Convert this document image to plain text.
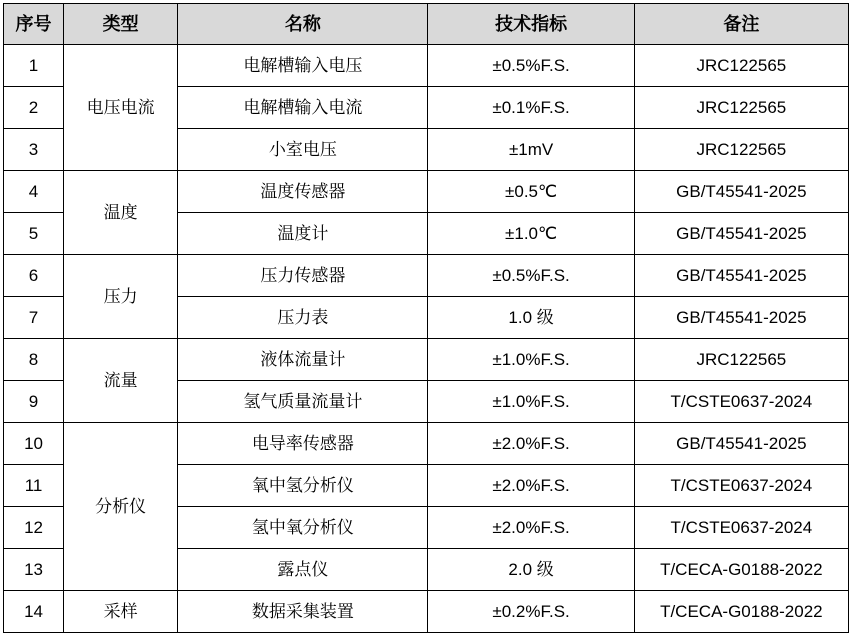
序号	类型	名称	技术指标	备注
1	电压电流	电解槽输入电压	±0.5%F.S.	JRC122565
2		电解槽输入电流	±0.1%F.S.	JRC122565
3		小室电压	±1mV	JRC122565
4	温度	温度传感器	±0.5℃	GB/T45541-2025
5		温度计	±1.0℃	GB/T45541-2025
6	压力	压力传感器	±0.5%F.S.	GB/T45541-2025
7		压力表	1.0 级	GB/T45541-2025
8	流量	液体流量计	±1.0%F.S.	JRC122565
9		氢气质量流量计	±1.0%F.S.	T/CSTE0637-2024
10	分析仪	电导率传感器	±2.0%F.S.	GB/T45541-2025
11		氧中氢分析仪	±2.0%F.S.	T/CSTE0637-2024
12		氢中氧分析仪	±2.0%F.S.	T/CSTE0637-2024
13		露点仪	2.0 级	T/CECA-G0188-2022
14	采样	数据采集装置	±0.2%F.S.	T/CECA-G0188-2022
